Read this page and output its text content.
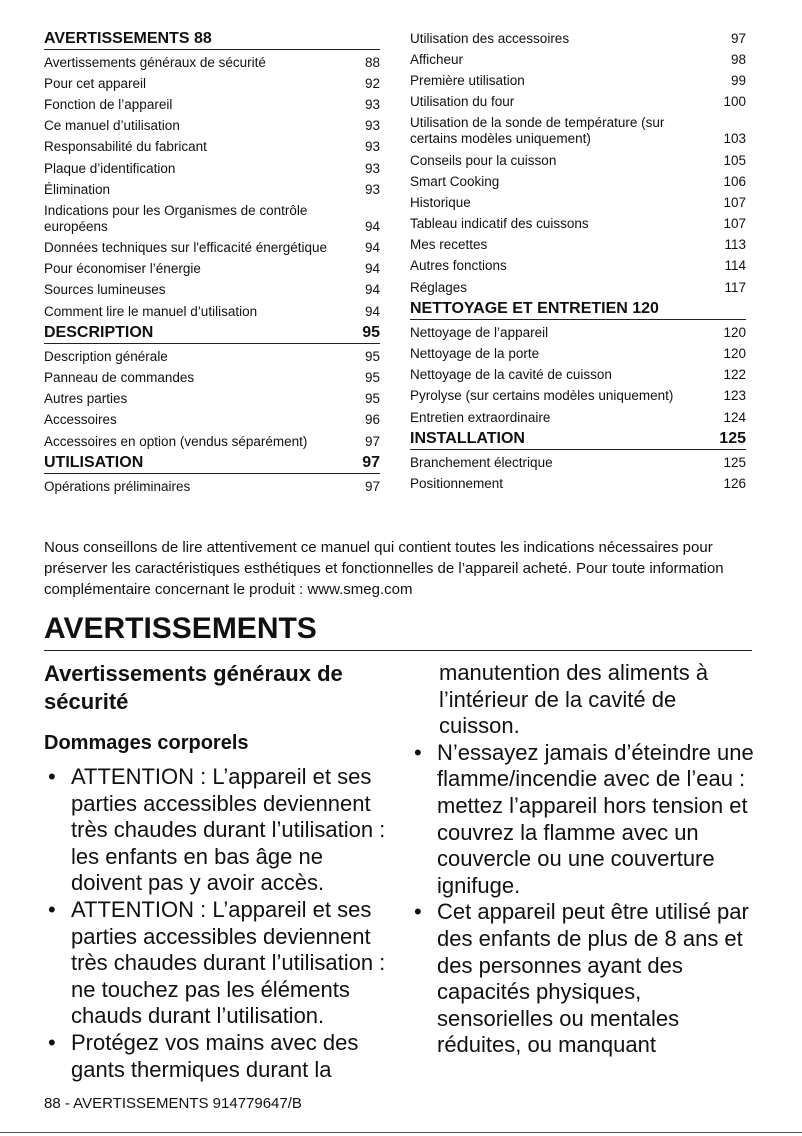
AVERTISSEMENTS 88
Avertissements généraux de sécurité	88
Pour cet appareil	92
Fonction de l’appareil	93
Ce manuel d’utilisation	93
Responsabilité du fabricant	93
Plaque d’identification	93
Élimination	93
Indications pour les Organismes de contrôle européens	94
Données techniques sur l'efficacité énergétique	94
Pour économiser l’énergie	94
Sources lumineuses	94
Comment lire le manuel d’utilisation	94
DESCRIPTION	95
Description générale	95
Panneau de commandes	95
Autres parties	95
Accessoires	96
Accessoires en option (vendus séparément)	97
UTILISATION	97
Opérations préliminaires	97
Utilisation des accessoires	97
Afficheur	98
Première utilisation	99
Utilisation du four	100
Utilisation de la sonde de température (sur certains modèles uniquement)	103
Conseils pour la cuisson	105
Smart Cooking	106
Historique	107
Tableau indicatif des cuissons	107
Mes recettes	113
Autres fonctions	114
Réglages	117
NETTOYAGE ET ENTRETIEN 120
Nettoyage de l’appareil	120
Nettoyage de la porte	120
Nettoyage de la cavité de cuisson	122
Pyrolyse (sur certains modèles uniquement)	123
Entretien extraordinaire	124
INSTALLATION	125
Branchement électrique	125
Positionnement	126

Nous conseillons de lire attentivement ce manuel qui contient toutes les indications nécessaires pour préserver les caractéristiques esthétiques et fonctionnelles de l’appareil acheté. Pour toute information complémentaire concernant le produit : www.smeg.com

AVERTISSEMENTS
Avertissements généraux de sécurité
Dommages corporels
• ATTENTION : L’appareil et ses parties accessibles deviennent très chaudes durant l’utilisation : les enfants en bas âge ne doivent pas y avoir accès.
• ATTENTION : L’appareil et ses parties accessibles deviennent très chaudes durant l’utilisation : ne touchez pas les éléments chauds durant l’utilisation.
• Protégez vos mains avec des gants thermiques durant la

manutention des aliments à l’intérieur de la cavité de cuisson.

• N’essayez jamais d’éteindre une flamme/incendie avec de l’eau : mettez l’appareil hors tension et couvrez la flamme avec un couvercle ou une couverture ignifuge.
• Cet appareil peut être utilisé par des enfants de plus de 8 ans et des personnes ayant des capacités physiques, sensorielles ou mentales réduites, ou manquant
88 - AVERTISSEMENTS 914779647/B
